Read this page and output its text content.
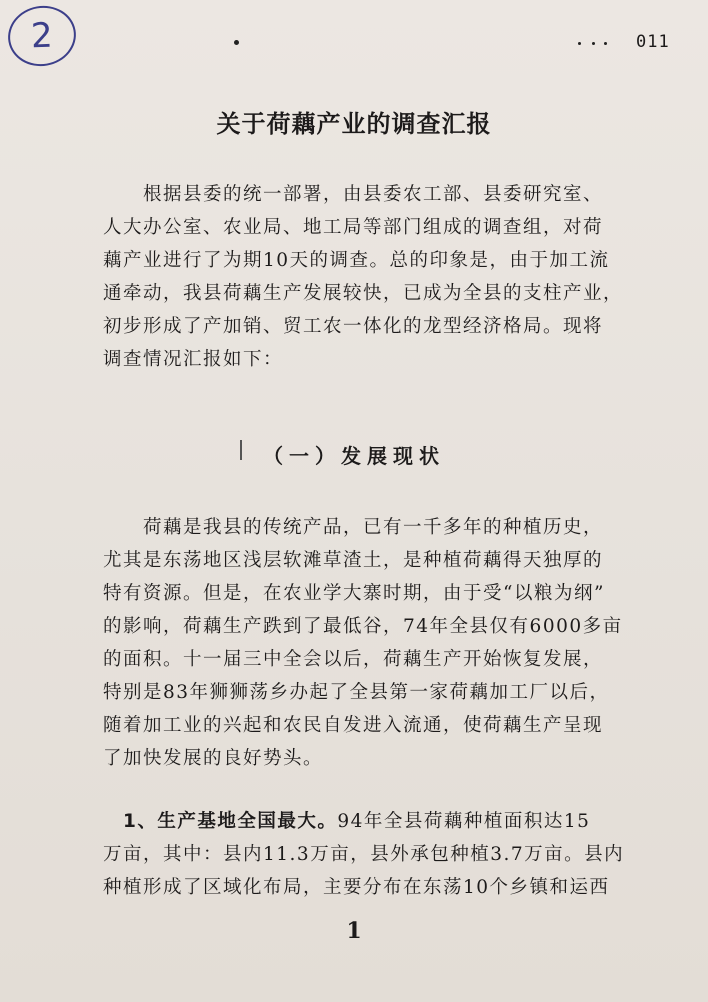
2	011
关于荷藕产业的调查汇报

　　根据县委的统一部署，由县委农工部、县委研究室、
人大办公室、农业局、地工局等部门组成的调查组，对荷
藕产业进行了为期10天的调查。总的印象是，由于加工流
通牵动，我县荷藕生产发展较快，已成为全县的支柱产业，
初步形成了产加销、贸工农一体化的龙型经济格局。现将
调查情况汇报如下：

（一）发展现状

　　荷藕是我县的传统产品，已有一千多年的种植历史，
尤其是东荡地区浅层软滩草渣土，是种植荷藕得天独厚的
特有资源。但是，在农业学大寨时期，由于受“以粮为纲”
的影响，荷藕生产跌到了最低谷，74年全县仅有6000多亩
的面积。十一届三中全会以后，荷藕生产开始恢复发展，
特别是83年狮狮荡乡办起了全县第一家荷藕加工厂以后，
随着加工业的兴起和农民自发进入流通，使荷藕生产呈现
了加快发展的良好势头。

　1、生产基地全国最大。94年全县荷藕种植面积达15
万亩，其中：县内11.3万亩，县外承包种植3.7万亩。县内
种植形成了区域化布局，主要分布在东荡10个乡镇和运西

1
